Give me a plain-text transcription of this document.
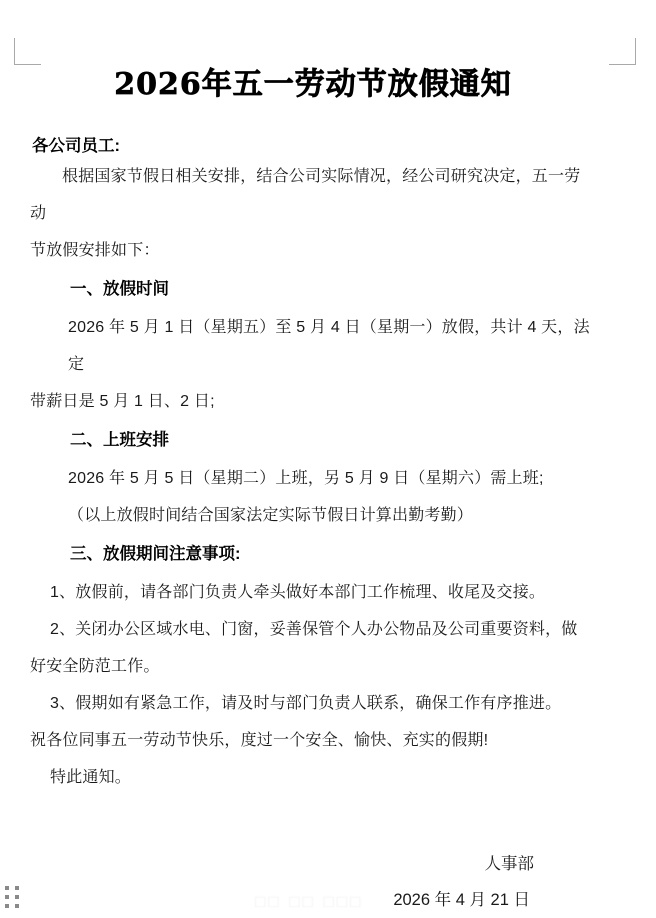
2026年五一劳动节放假通知
各公司员工:

根据国家节假日相关安排，结合公司实际情况，经公司研究决定，五一劳动

节放假安排如下：

一、放假时间

2026 年 5 月 1 日（星期五）至 5 月 4 日（星期一）放假，共计 4 天，法定

带薪日是 5 月 1 日、2 日;

二、上班安排

2026 年 5 月 5 日（星期二）上班，另 5 月 9 日（星期六）需上班;

（以上放假时间结合国家法定实际节假日计算出勤考勤）

三、放假期间注意事项:

1、放假前，请各部门负责人牵头做好本部门工作梳理、收尾及交接。

2、关闭办公区域水电、门窗，妥善保管个人办公物品及公司重要资料，做

好安全防范工作。

3、假期如有紧急工作，请及时与部门负责人联系，确保工作有序推进。

祝各位同事五一劳动节快乐，度过一个安全、愉快、充实的假期!

特此通知。

人事部
2026 年 4 月 21 日
□□ □□ □□□
